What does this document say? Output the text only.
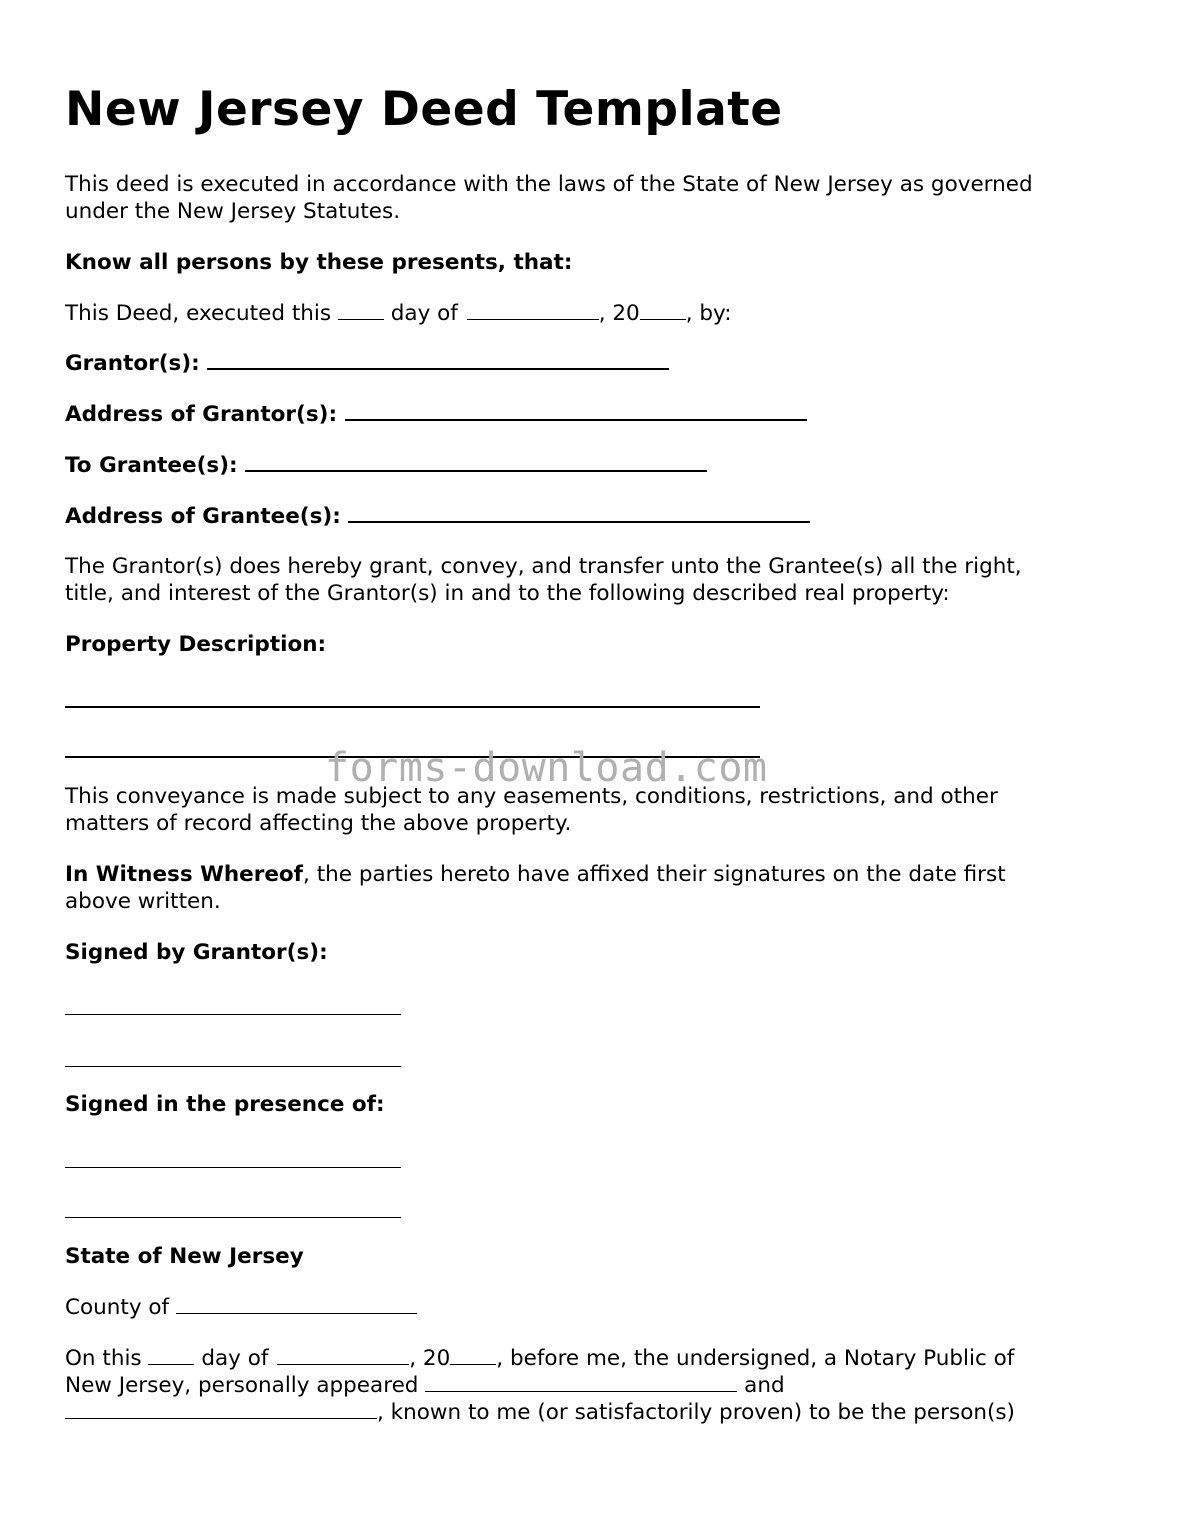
New Jersey Deed Template

This deed is executed in accordance with the laws of the State of New Jersey as governed

under the New Jersey Statutes.

Know all persons by these presents, that:

This Deed, executed this	day of	, 20 , by:

Grantor(s):

Address of Grantor(s):

To Grantee(s):

Address of Grantee(s):

The Grantor(s) does hereby grant, convey, and transfer unto the Grantee(s) all the right,

title, and interest of the Grantor(s) in and to the following described real property:

Property Description:

This conveyance is made subject to any easements, conditions, restrictions, and other

matters of record affecting the above property.

In Witness Whereof, the parties hereto have affixed their signatures on the date first

above written.

Signed by Grantor(s):

Signed in the presence of:

State of New Jersey

County of

On this	day of	, 20 , before me, the undersigned, a Notary Public of

New Jersey, personally appeared	and

, known to me (or satisfactorily proven) to be the person(s)

forms-download.com
